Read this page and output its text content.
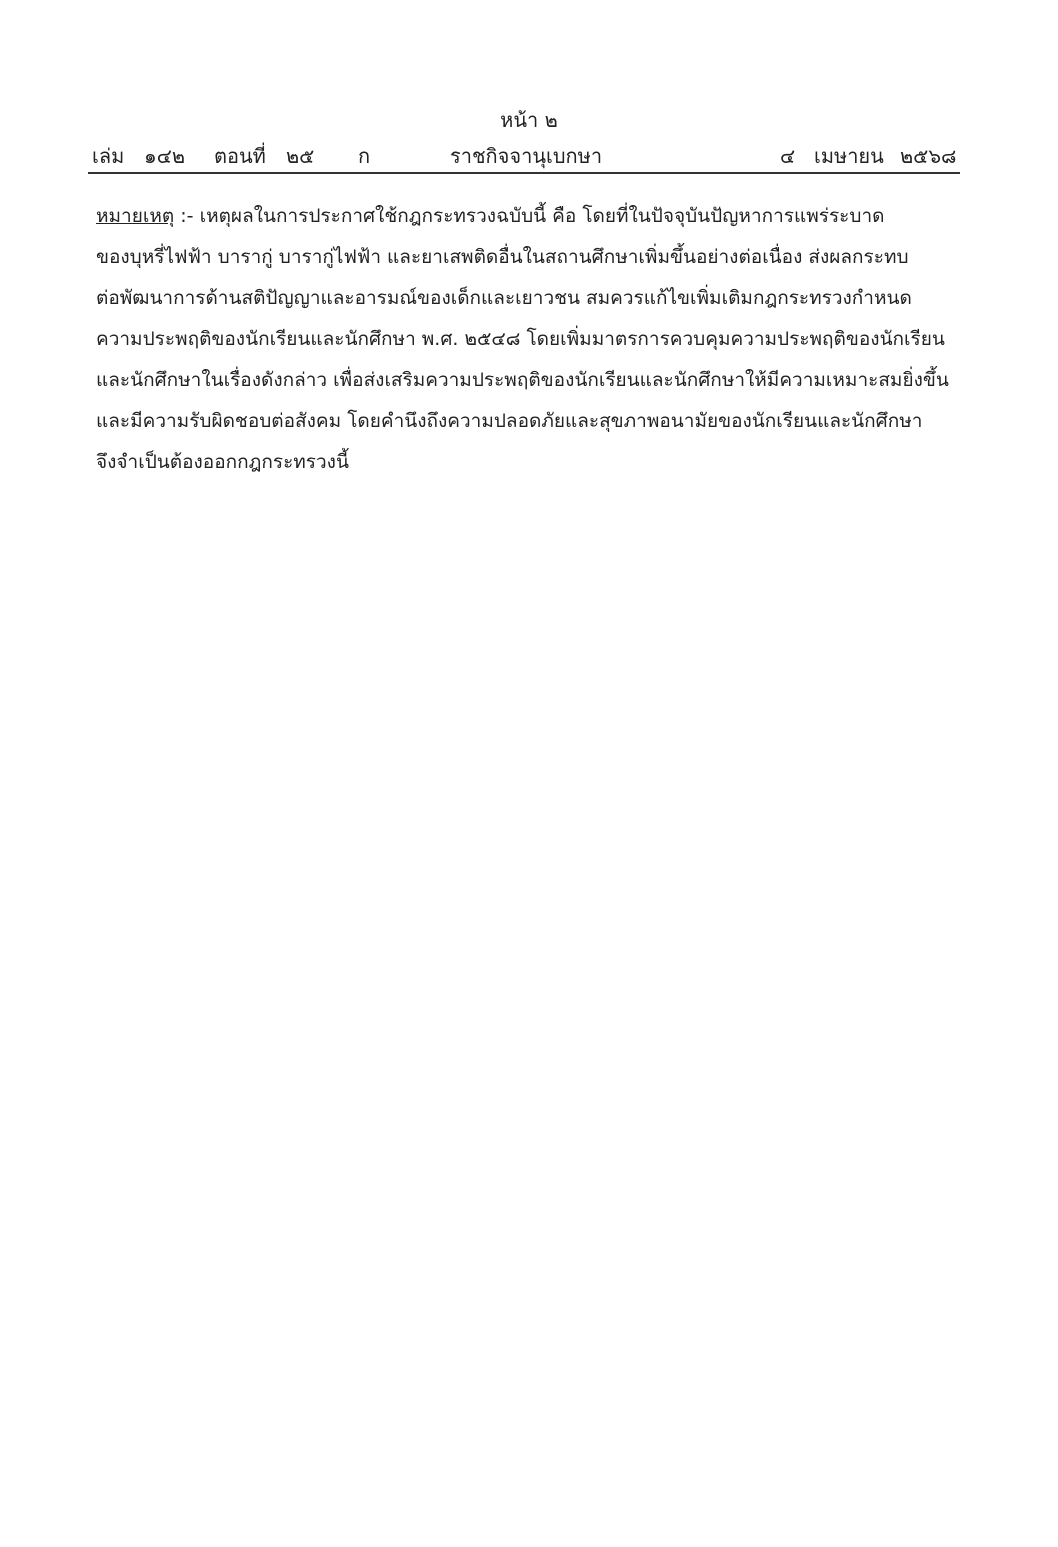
หน้า ๒
เล่ม ๑๔๒ ตอนที่ ๒๕ ก	ราชกิจจานุเบกษา	๔ เมษายน ๒๕๖๘
หมายเหตุ :- เหตุผลในการประกาศใช้กฎกระทรวงฉบับนี้ คือ โดยที่ในปัจจุบันปัญหาการแพร่ระบาด
ของบุหรี่ไฟฟ้า บารากู่ บารากู่ไฟฟ้า และยาเสพติดอื่นในสถานศึกษาเพิ่มขึ้นอย่างต่อเนื่อง ส่งผลกระทบ
ต่อพัฒนาการด้านสติปัญญาและอารมณ์ของเด็กและเยาวชน สมควรแก้ไขเพิ่มเติมกฎกระทรวงกำหนด
ความประพฤติของนักเรียนและนักศึกษา พ.ศ. ๒๕๔๘ โดยเพิ่มมาตรการควบคุมความประพฤติของนักเรียน
และนักศึกษาในเรื่องดังกล่าว เพื่อส่งเสริมความประพฤติของนักเรียนและนักศึกษาให้มีความเหมาะสมยิ่งขึ้น
และมีความรับผิดชอบต่อสังคม โดยคำนึงถึงความปลอดภัยและสุขภาพอนามัยของนักเรียนและนักศึกษา
จึงจำเป็นต้องออกกฎกระทรวงนี้
